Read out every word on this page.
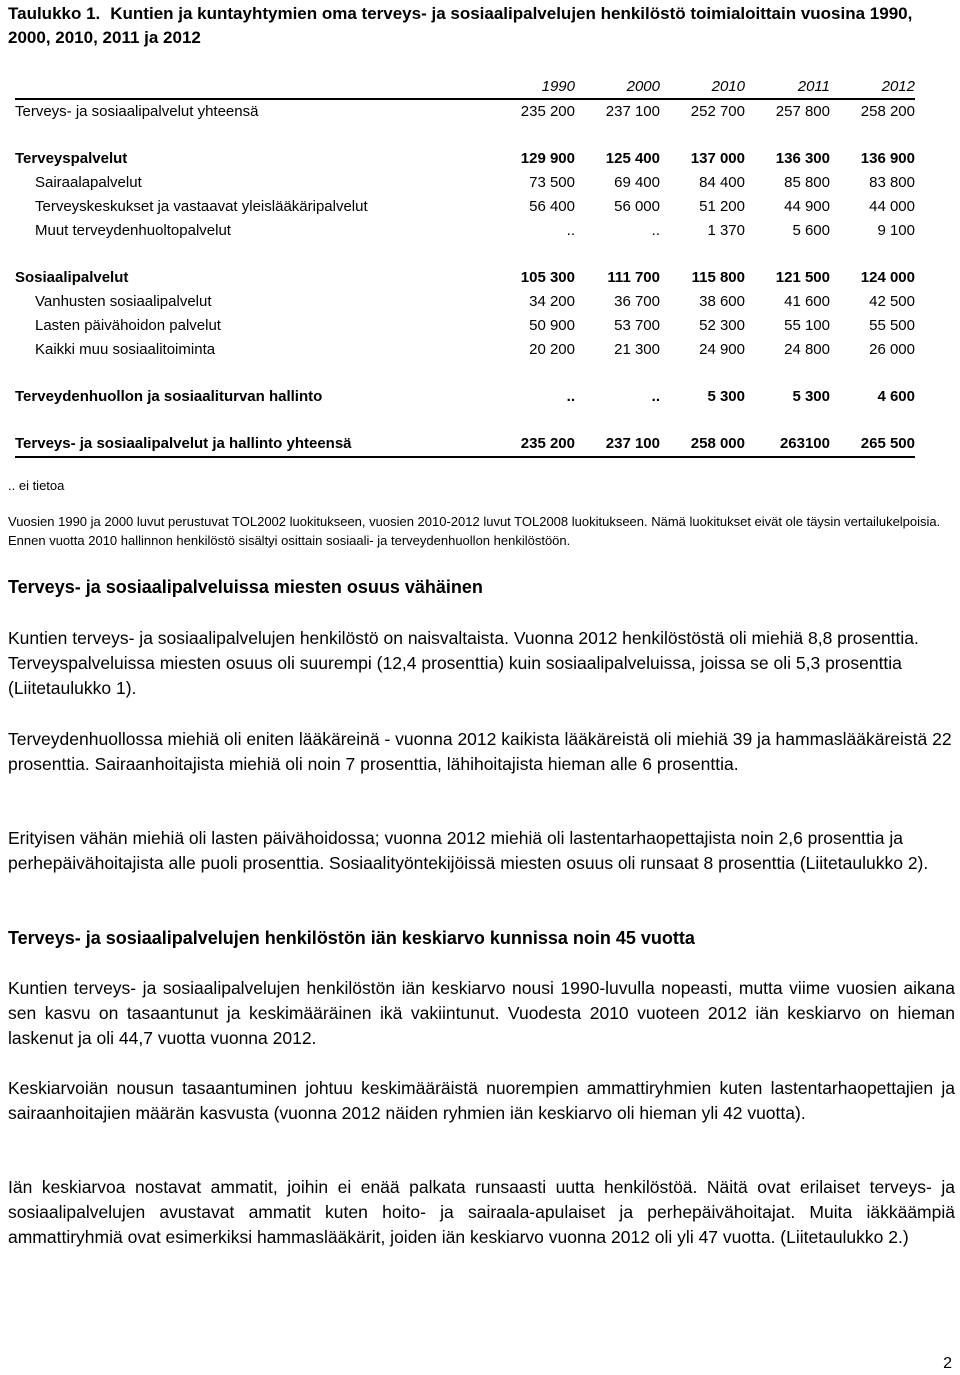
Taulukko 1. Kuntien ja kuntayhtymien oma terveys- ja sosiaalipalvelujen henkilöstö toimialoittain vuosina 1990, 2000, 2010, 2011 ja 2012
	1990	2000	2010	2011	2012
Terveys- ja sosiaalipalvelut yhteensä	235 200	237 100	252 700	257 800	258 200

Terveyspalvelut	129 900	125 400	137 000	136 300	136 900
Sairaalapalvelut	73 500	69 400	84 400	85 800	83 800
Terveyskeskukset ja vastaavat yleislääkäripalvelut	56 400	56 000	51 200	44 900	44 000
Muut terveydenhuoltopalvelut	..	..	1 370	5 600	9 100

Sosiaalipalvelut	105 300	111 700	115 800	121 500	124 000
Vanhusten sosiaalipalvelut	34 200	36 700	38 600	41 600	42 500
Lasten päivähoidon palvelut	50 900	53 700	52 300	55 100	55 500
Kaikki muu sosiaalitoiminta	20 200	21 300	24 900	24 800	26 000

Terveydenhuollon ja sosiaaliturvan hallinto	..	..	5 300	5 300	4 600

Terveys- ja sosiaalipalvelut ja hallinto yhteensä	235 200	237 100	258 000	263100	265 500
.. ei tietoa
Vuosien 1990 ja 2000 luvut perustuvat TOL2002 luokitukseen, vuosien 2010-2012 luvut TOL2008 luokitukseen. Nämä luokitukset eivät ole täysin vertailukelpoisia. Ennen vuotta 2010 hallinnon henkilöstö sisältyi osittain sosiaali- ja terveydenhuollon henkilöstöön.
Terveys- ja sosiaalipalveluissa miesten osuus vähäinen
Kuntien terveys- ja sosiaalipalvelujen henkilöstö on naisvaltaista. Vuonna 2012 henkilöstöstä oli miehiä 8,8 prosenttia. Terveyspalveluissa miesten osuus oli suurempi (12,4 prosenttia) kuin sosiaalipalveluissa, joissa se oli 5,3 prosenttia (Liitetaulukko 1).
Terveydenhuollossa miehiä oli eniten lääkäreinä - vuonna 2012 kaikista lääkäreistä oli miehiä 39 ja hammaslääkäreistä 22 prosenttia. Sairaanhoitajista miehiä oli noin 7 prosenttia, lähihoitajista hieman alle 6 prosenttia.
Erityisen vähän miehiä oli lasten päivähoidossa; vuonna 2012 miehiä oli lastentarhaopettajista noin 2,6 prosenttia ja perhepäivähoitajista alle puoli prosenttia. Sosiaalityöntekijöissä miesten osuus oli runsaat 8 prosenttia (Liitetaulukko 2).
Terveys- ja sosiaalipalvelujen henkilöstön iän keskiarvo kunnissa noin 45 vuotta
Kuntien terveys- ja sosiaalipalvelujen henkilöstön iän keskiarvo nousi 1990-luvulla nopeasti, mutta viime vuosien aikana sen kasvu on tasaantunut ja keskimääräinen ikä vakiintunut. Vuodesta 2010 vuoteen 2012 iän keskiarvo on hieman laskenut ja oli 44,7 vuotta vuonna 2012.
Keskiarvoiän nousun tasaantuminen johtuu keskimääräistä nuorempien ammattiryhmien kuten lastentarhaopettajien ja sairaanhoitajien määrän kasvusta (vuonna 2012 näiden ryhmien iän keskiarvo oli hieman yli 42 vuotta).
Iän keskiarvoa nostavat ammatit, joihin ei enää palkata runsaasti uutta henkilöstöä. Näitä ovat erilaiset terveys- ja sosiaalipalvelujen avustavat ammatit kuten hoito- ja sairaala-apulaiset ja perhepäivähoitajat. Muita iäkkäämpiä ammattiryhmiä ovat esimerkiksi hammaslääkärit, joiden iän keskiarvo vuonna 2012 oli yli 47 vuotta. (Liitetaulukko 2.)
2
